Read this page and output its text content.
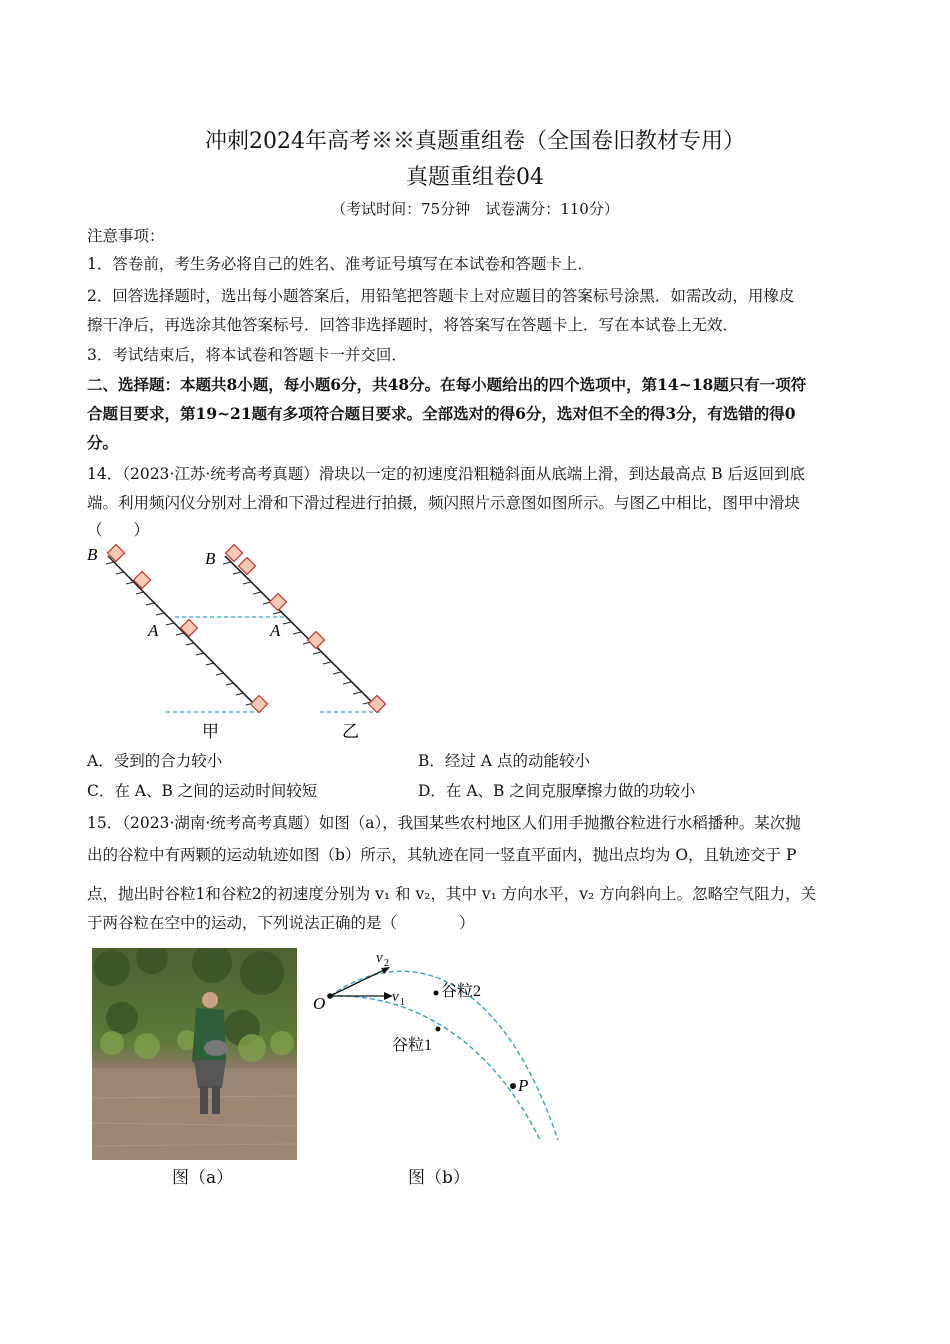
冲刺2024年高考※※真题重组卷（全国卷旧教材专用）
真题重组卷04
（考试时间：75分钟　试卷满分：110分）
注意事项：
1．答卷前，考生务必将自己的姓名、准考证号填写在本试卷和答题卡上．
2．回答选择题时，选出每小题答案后，用铅笔把答题卡上对应题目的答案标号涂黑．如需改动，用橡皮
擦干净后，再选涂其他答案标号．回答非选择题时，将答案写在答题卡上．写在本试卷上无效．
3．考试结束后，将本试卷和答题卡一并交回．
二、选择题：本题共8小题，每小题6分，共48分。在每小题给出的四个选项中，第14~18题只有一项符
合题目要求，第19~21题有多项符合题目要求。全部选对的得6分，选对但不全的得3分，有选错的得0
分。
14．（2023·江苏·统考高考真题）滑块以一定的初速度沿粗糙斜面从底端上滑，到达最高点 B 后返回到底
端。利用频闪仪分别对上滑和下滑过程进行拍摄，频闪照片示意图如图所示。与图乙中相比，图甲中滑块
（　　）
B	B
A	A
甲	乙
A．受到的合力较小	B．经过 A 点的动能较小
C．在 A、B 之间的运动时间较短	D．在 A、B 之间克服摩擦力做的功较小
15．（2023·湖南·统考高考真题）如图（a），我国某些农村地区人们用手抛撒谷粒进行水稻播种。某次抛
出的谷粒中有两颗的运动轨迹如图（b）所示，其轨迹在同一竖直平面内，抛出点均为 O，且轨迹交于 P
点，抛出时谷粒1和谷粒2的初速度分别为 v₁ 和 v₂，其中 v₁ 方向水平，v₂ 方向斜向上。忽略空气阻力，关
于两谷粒在空中的运动，下列说法正确的是（　　　　）
O
v 2
v 1
谷粒2
谷粒1
P
图（a）	图（b）
